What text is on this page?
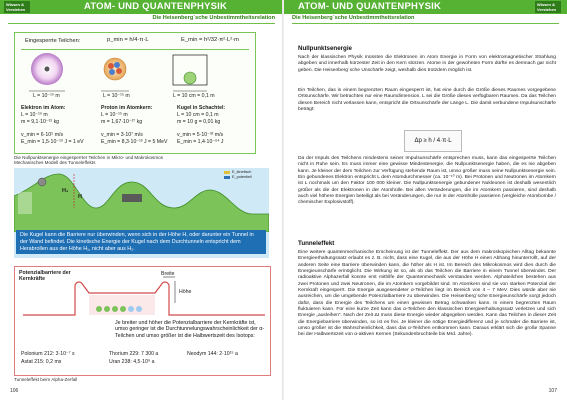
ATOM- UND QUANTENPHYSIK
Die Heisenberg´sche Unbestimmtheitsrelation
Eingesperrte Teilchen:	p_min = h/4·π·L	E_min = h²/32·π²·L²·m
L = 10⁻¹⁰ m	L = 10⁻¹⁵ m	L = 10 cm = 0,1 m
Elektron im Atom:
L = 10⁻¹⁰ m
m = 9,1·10⁻³¹ kg
v_min = 6·10⁵ m/s
E_min = 1,5·10⁻¹⁹ J = 1 eV
Proton im Atomkern:
L = 10⁻¹⁵ m
m = 1,67·10⁻²⁷ kg
v_min = 3·10⁷ m/s
E_min = 8,3·10⁻¹³ J = 5 MeV
Kugel in Schachtel:
L = 10 cm = 0,1 m
m = 10 g = 0,01 kg
v_min = 5·10⁻³² m/s
E_min = 1,4·10⁻⁶⁴ J
Die Nullpunktsenergie eingesperrter Teilchen in Mikro- und Makrokosmos
H₁
H
E_kinetisch
E_potentiell
Die Kugel kann die Barriere nur überwinden, wenn sich in der Höhe H, oder darunter ein Tunnel in der Wand befindet. Die kinetische Energie der Kugel nach dem Durchtunneln entspricht dem Herabrollen aus der Höhe H₁, nicht aber aus H₂.
Mechanisches Modell des Tunneleffekts
Potenzialbarriere der Kernkräfte
Breite
Höhe
Je breiter und höher die Potenzialbarriere der Kernkräfte ist, umso geringer ist die Durchtunnelungswahrscheinlichkeit der α-Teilchen und umso größer ist die Halbwertszeit des Isotops:
Polonium 212: 3·10⁻⁷ s
Astat 215: 0,2 ms
Thorium 229: 7 300 a
Uran 238: 4,5·10⁹ a
Neodym 144: 2·10¹⁵ a
Tunneleffekt beim Alpha-Zerfall
106
ATOM- UND QUANTENPHYSIK	Wissen & Verstehen
Die Heisenberg´sche Unbestimmtheitsrelation
Nullpunktsenergie
Nach der klassischen Physik müssten die Elektronen im Atom Energie in Form von elektromagnetischer Strahlung abgeben und innerhalb kürzester Zeit in den Kern stürzen. Atome in der gewohnten Form dürfte es demnach gar nicht geben. Die Heisenberg´sche Unschärfe zeigt, weshalb dies trotzdem möglich ist.
Ein Teilchen, das in einem begrenzten Raum eingesperrt ist, hat eine durch die Größe dieses Raumes vorgegebene Ortsunschärfe. Wir betrachten nur eine Raumdimension. L sei die Größe dieses verfügbaren Raumes. Da das Teilchen diesen Bereich nicht verlassen kann, entspricht die Ortsunschärfe der Länge L. Die damit verbundene Impulsunschärfe beträgt:
Δp ≥ h / 4·π·L
Da der Impuls des Teilchens mindestens seiner Impulsunschärfe entsprechen muss, kann das eingesperrte Teilchen nicht in Ruhe sein. Es muss immer eine gewisse Mindestenergie, die Nullpunktsenergie haben, die es nie abgeben kann. Je kleiner der dem Teilchen zur Verfügung stehende Raum ist, umso größer muss seine Nullpunktsenergie sein. Ein gebundenes Elektron entspricht L dem Atomdurchmesser (ca. 10⁻¹⁰ m). Bei Protonen und Neutronen im Atomkern ist L nochmals um den Faktor 100 000 kleiner. Die Nullpunktsenergie gebundener Nukleonen ist deshalb wesentlich größer als die der Elektronen in der Atomhülle. Bei allen Veränderungen, die im Atomkern passieren, sind deshalb auch viel höhere Energien beteiligt als bei Veränderungen, die nur in der Atomhülle passieren (vergleiche Atombombe / chemischer Explosivstoff).
Tunneleffekt
Eine weitere quantenmechanische Erscheinung ist der Tunneleffekt. Der aus dem makroskopischen Alltag bekannte Energieerhaltungssatz erlaubt es z. B. nicht, dass eine Kugel, die aus der Höhe H einen Abhang hinunterrollt, auf der anderen Seite eine Barriere überwinden kann, die höher als H ist. Im Bereich des Mikrokosmos wird dies durch die Energieunschärfe ermöglicht. Die Wirkung ist so, als ob das Teilchen die Barriere in einem Tunnel überwindet. Der radioaktive Alphazerfall konnte erst mithilfe der Quantenmechanik verstanden werden. Alphateilchen bestehen aus zwei Protonen und zwei Neutronen, die im Atomkern vorgebildet sind. Im Atomkern sind sie von starken Potenzial der Kernkraft eingesperrt. Die Energie ausgesendeter α-Teilchen liegt im Bereich von 4 – 7 MeV. Dies würde aber nie ausreichen, um die umgebende Potenzialbarriere zu überwinden. Die Heisenberg´sche Energieunschärfe sorgt jedoch dafür, dass die Energie des Teilchens um einen gewissen Betrag schwanken kann. In einem begrenzten Raum fluktuieren kann. Für eine kurze Zeit kann das α-Teilchen den klassischen Energieerhaltungssatz verletzen und sich Energie „ausleihen“. Nach der Zeit Δt muss diese Energie wieder abgegeben werden. Kann das Teilchen in dieser Zeit die Energiebarriere überwinden, so ist es frei. Je kleiner die nötige Energiedifferenz und je schmäler die Barriere ist, umso größer ist die Wahrscheinlichkeit, dass das α-Teilchen entkommen kann. Daraus erklärt sich die große Spanne bei der Halbwertszeit von α-aktiven Kernen (Sekundenbruchteile bis Mrd. Jahre).
107
Wissen & Verstehen
